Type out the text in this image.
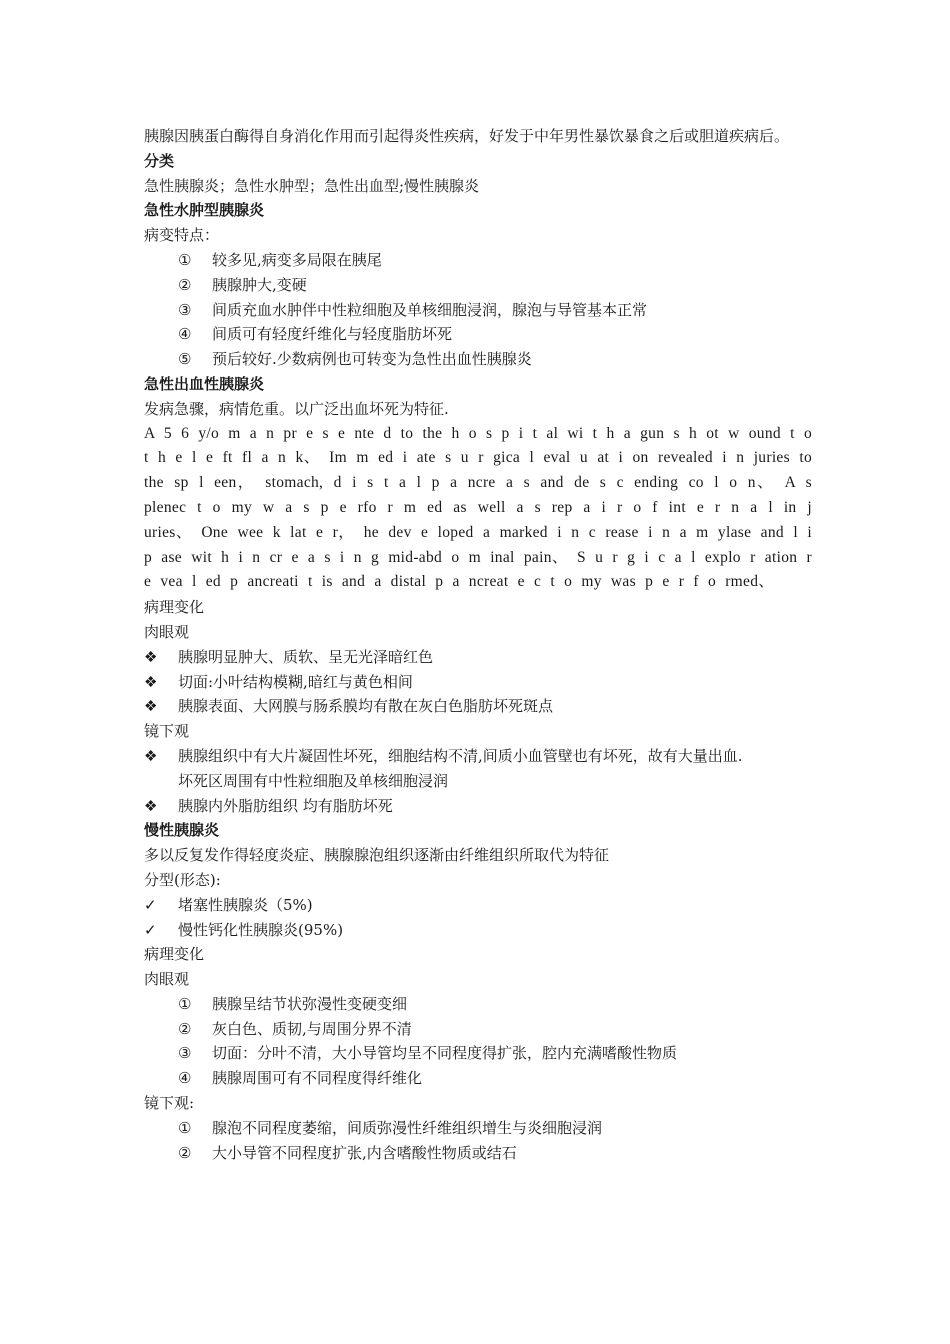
胰腺因胰蛋白酶得自身消化作用而引起得炎性疾病，好发于中年男性暴饮暴食之后或胆道疾病后。
分类
急性胰腺炎；急性水肿型；急性出血型;慢性胰腺炎
急性水肿型胰腺炎
病变特点：
① 较多见,病变多局限在胰尾
② 胰腺肿大,变硬
③ 间质充血水肿伴中性粒细胞及单核细胞浸润，腺泡与导管基本正常
④ 间质可有轻度纤维化与轻度脂肪坏死
⑤ 预后较好.少数病例也可转变为急性出血性胰腺炎
急性出血性胰腺炎
发病急骤，病情危重。以广泛出血坏死为特征.
A 5 6 y/o m a n pr e s e nte d to the h o s p i t al wi t h a gun s h ot w ound t o t h e l e ft fl a n k、 Im m ed i ate s u r gica l eval u at i on revealed i n juries to the sp l een， stomach, d i s t a l p a ncre a s and de s c ending co l o n、 A s plenec t o my w a s p e rfo r m ed as well a s rep a i r o f int e r n a l in j uries、 One wee k lat e r， he dev e loped a marked i n c rease i n a m ylase and l i p ase wit h i n cr e a s i n g mid-abd o m inal pain、 S u r g i c a l explo r ation r e vea l ed p ancreati t is and a distal p a ncreat e c t o my was p e r f o rmed、
病理变化
肉眼观
❖ 胰腺明显肿大、质软、呈无光泽暗红色
❖ 切面:小叶结构模糊,暗红与黄色相间
❖ 胰腺表面、大网膜与肠系膜均有散在灰白色脂肪坏死斑点
镜下观
❖ 胰腺组织中有大片凝固性坏死，细胞结构不清,间质小血管壁也有坏死，故有大量出血.
坏死区周围有中性粒细胞及单核细胞浸润
❖ 胰腺内外脂肪组织 均有脂肪坏死
慢性胰腺炎
多以反复发作得轻度炎症、胰腺腺泡组织逐渐由纤维组织所取代为特征
分型(形态):
✓ 堵塞性胰腺炎（5%)
✓ 慢性钙化性胰腺炎(95%)
病理变化
肉眼观
① 胰腺呈结节状弥漫性变硬变细
② 灰白色、质韧,与周围分界不清
③ 切面：分叶不清，大小导管均呈不同程度得扩张，腔内充满嗜酸性物质
④ 胰腺周围可有不同程度得纤维化
镜下观:
① 腺泡不同程度萎缩，间质弥漫性纤维组织增生与炎细胞浸润
② 大小导管不同程度扩张,内含嗜酸性物质或结石
